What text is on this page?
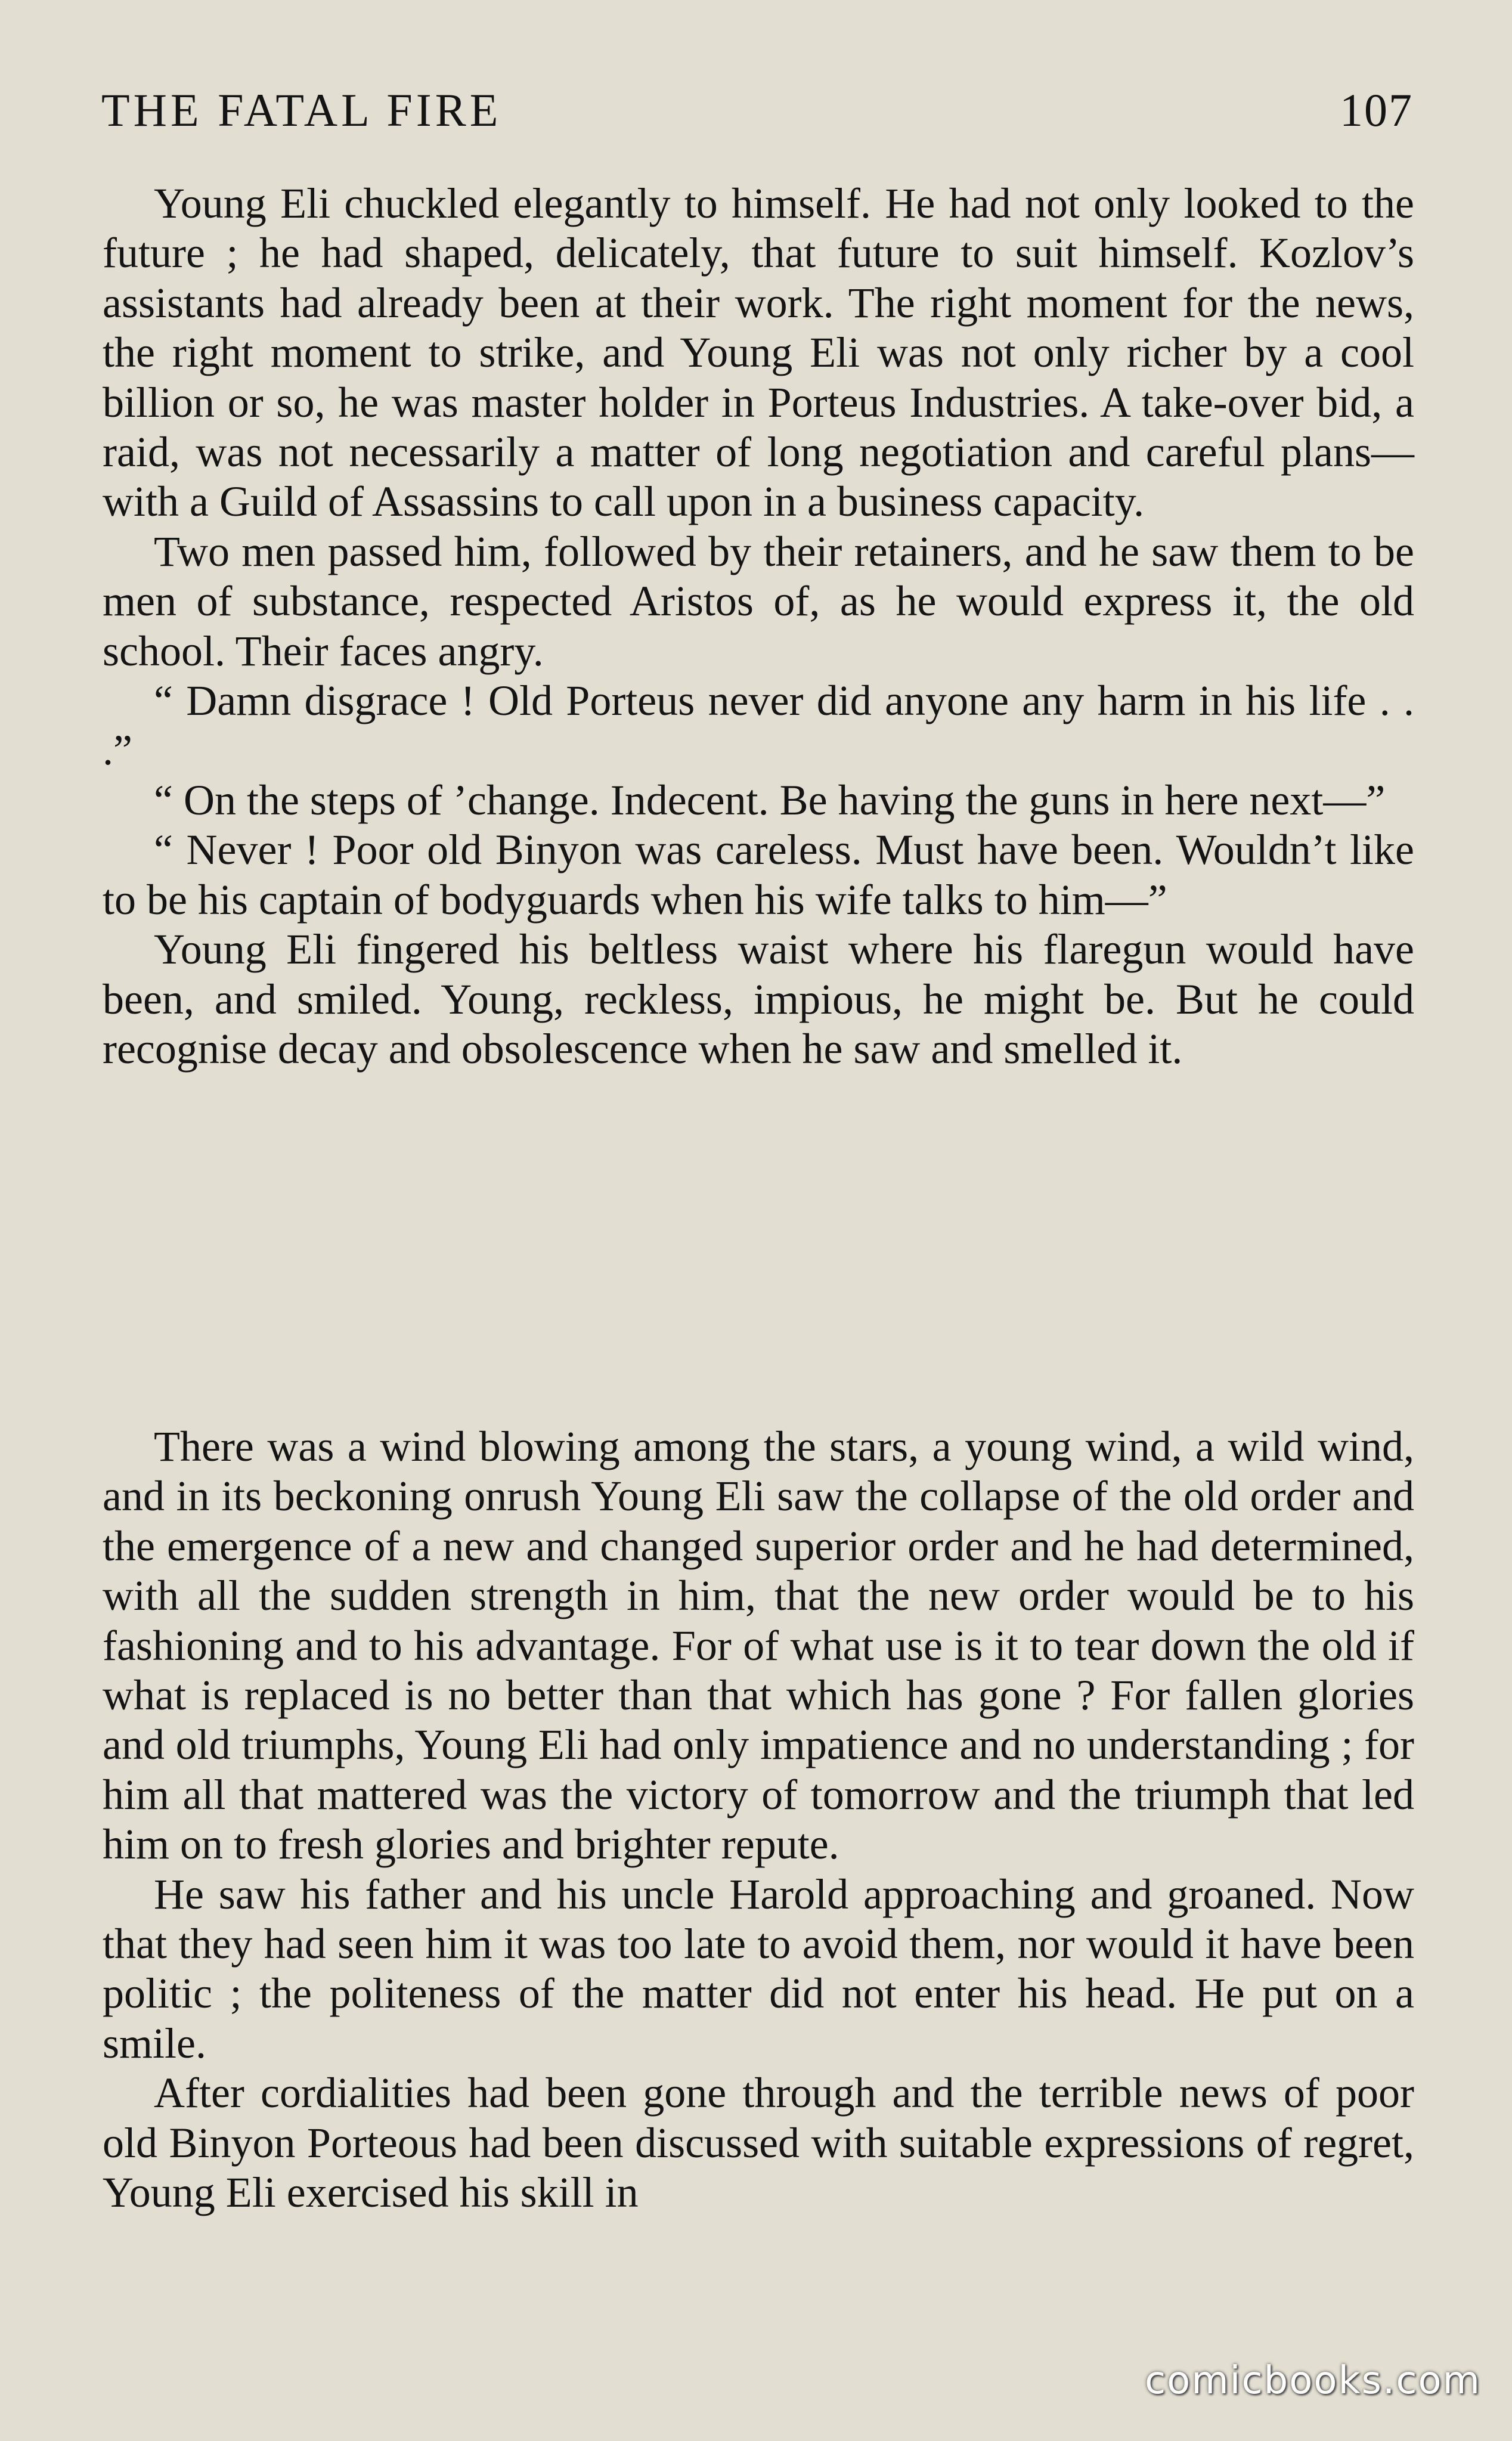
THE FATAL FIRE	107

Young Eli chuckled elegantly to himself. He had not only looked to the future ; he had shaped, delicately, that future to suit himself. Kozlov’s assistants had already been at their work. The right moment for the news, the right moment to strike, and Young Eli was not only richer by a cool billion or so, he was master holder in Porteus Industries. A take-over bid, a raid, was not necessarily a matter of long negotiation and careful plans—with a Guild of Assassins to call upon in a business capacity.

Two men passed him, followed by their retainers, and he saw them to be men of substance, respected Aristos of, as he would express it, the old school. Their faces angry.

“ Damn disgrace ! Old Porteus never did anyone any harm in his life . . .”

“ On the steps of ’change. Indecent. Be having the guns in here next—”

“ Never ! Poor old Binyon was careless. Must have been. Wouldn’t like to be his captain of bodyguards when his wife talks to him—”

Young Eli fingered his beltless waist where his flaregun would have been, and smiled. Young, reckless, impious, he might be. But he could recognise decay and obsolescence when he saw and smelled it.

There was a wind blowing among the stars, a young wind, a wild wind, and in its beckoning onrush Young Eli saw the collapse of the old order and the emergence of a new and changed superior order and he had determined, with all the sudden strength in him, that the new order would be to his fashioning and to his advantage. For of what use is it to tear down the old if what is replaced is no better than that which has gone ? For fallen glories and old triumphs, Young Eli had only impatience and no understanding ; for him all that mattered was the victory of tomorrow and the triumph that led him on to fresh glories and brighter repute.

He saw his father and his uncle Harold approaching and groaned. Now that they had seen him it was too late to avoid them, nor would it have been politic ; the politeness of the matter did not enter his head. He put on a smile.

After cordialities had been gone through and the terrible news of poor old Binyon Porteous had been discussed with suitable expressions of regret, Young Eli exercised his skill in

comicbooks.com
